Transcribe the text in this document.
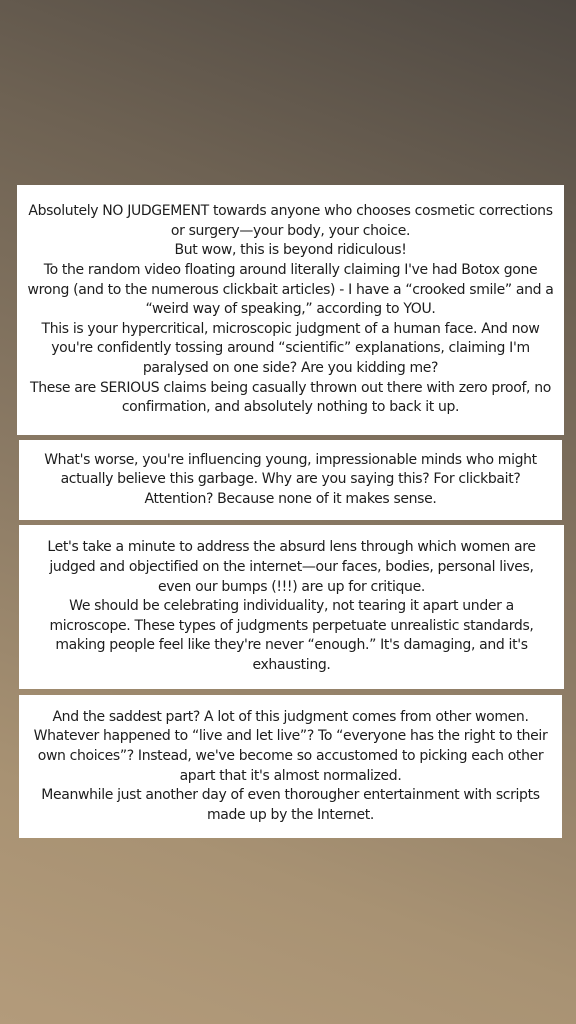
Absolutely NO JUDGEMENT towards anyone who chooses cosmetic corrections or surgery—your body, your choice.

But wow, this is beyond ridiculous!

To the random video floating around literally claiming I've had Botox gone wrong (and to the numerous clickbait articles) - I have a “crooked smile” and a “weird way of speaking,” according to YOU.

This is your hypercritical, microscopic judgment of a human face. And now you're confidently tossing around “scientific” explanations, claiming I'm paralysed on one side? Are you kidding me?

These are SERIOUS claims being casually thrown out there with zero proof, no confirmation, and absolutely nothing to back it up.

What's worse, you're influencing young, impressionable minds who might actually believe this garbage. Why are you saying this? For clickbait? Attention? Because none of it makes sense.

Let's take a minute to address the absurd lens through which women are judged and objectified on the internet—our faces, bodies, personal lives, even our bumps (!!!) are up for critique.

We should be celebrating individuality, not tearing it apart under a microscope. These types of judgments perpetuate unrealistic standards, making people feel like they're never “enough.” It's damaging, and it's exhausting.

And the saddest part? A lot of this judgment comes from other women. Whatever happened to “live and let live”? To “everyone has the right to their own choices”? Instead, we've become so accustomed to picking each other apart that it's almost normalized.

Meanwhile just another day of even thorougher entertainment with scripts made up by the Internet.
